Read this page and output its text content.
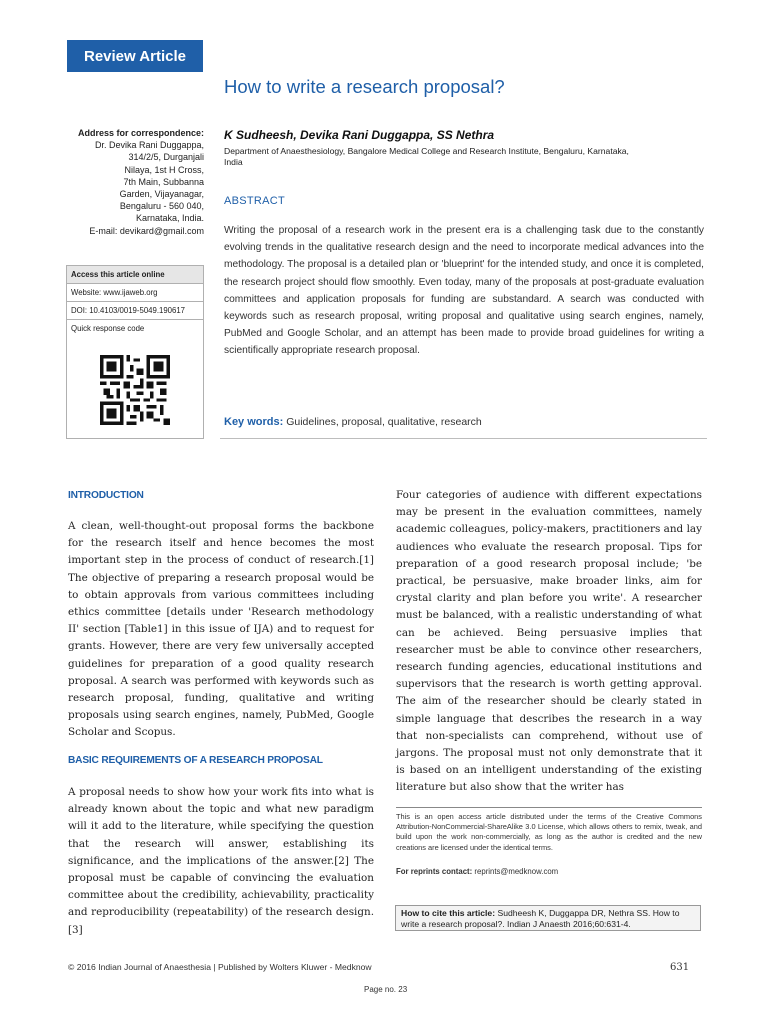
Review Article
How to write a research proposal?
Address for correspondence:
Dr. Devika Rani Duggappa,
314/2/5, Durganjali
Nilaya, 1st H Cross,
7th Main, Subbanna
Garden, Vijayanagar,
Bengaluru - 560 040,
Karnataka, India.
E-mail: devikard@gmail.com
Access this article online
Website: www.ijaweb.org
DOI: 10.4103/0019-5049.190617
Quick response code
K Sudheesh, Devika Rani Duggappa, SS Nethra
Department of Anaesthesiology, Bangalore Medical College and Research Institute, Bengaluru, Karnataka, India
ABSTRACT
Writing the proposal of a research work in the present era is a challenging task due to the constantly evolving trends in the qualitative research design and the need to incorporate medical advances into the methodology. The proposal is a detailed plan or 'blueprint' for the intended study, and once it is completed, the research project should flow smoothly. Even today, many of the proposals at post-graduate evaluation committees and application proposals for funding are substandard. A search was conducted with keywords such as research proposal, writing proposal and qualitative using search engines, namely, PubMed and Google Scholar, and an attempt has been made to provide broad guidelines for writing a scientifically appropriate research proposal.
Key words: Guidelines, proposal, qualitative, research
INTRODUCTION
A clean, well-thought-out proposal forms the backbone for the research itself and hence becomes the most important step in the process of conduct of research.[1] The objective of preparing a research proposal would be to obtain approvals from various committees including ethics committee [details under 'Research methodology II' section [Table1] in this issue of IJA) and to request for grants. However, there are very few universally accepted guidelines for preparation of a good quality research proposal. A search was performed with keywords such as research proposal, funding, qualitative and writing proposals using search engines, namely, PubMed, Google Scholar and Scopus.
BASIC REQUIREMENTS OF A RESEARCH PROPOSAL
A proposal needs to show how your work fits into what is already known about the topic and what new paradigm will it add to the literature, while specifying the question that the research will answer, establishing its significance, and the implications of the answer.[2] The proposal must be capable of convincing the evaluation committee about the credibility, achievability, practicality and reproducibility (repeatability) of the research design.[3]
Four categories of audience with different expectations may be present in the evaluation committees, namely academic colleagues, policy-makers, practitioners and lay audiences who evaluate the research proposal. Tips for preparation of a good research proposal include; 'be practical, be persuasive, make broader links, aim for crystal clarity and plan before you write'. A researcher must be balanced, with a realistic understanding of what can be achieved. Being persuasive implies that researcher must be able to convince other researchers, research funding agencies, educational institutions and supervisors that the research is worth getting approval. The aim of the researcher should be clearly stated in simple language that describes the research in a way that non-specialists can comprehend, without use of jargons. The proposal must not only demonstrate that it is based on an intelligent understanding of the existing literature but also show that the writer has
This is an open access article distributed under the terms of the Creative Commons Attribution-NonCommercial-ShareAlike 3.0 License, which allows others to remix, tweak, and build upon the work non-commercially, as long as the author is credited and the new creations are licensed under the identical terms.
For reprints contact: reprints@medknow.com
How to cite this article: Sudheesh K, Duggappa DR, Nethra SS. How to write a research proposal?. Indian J Anaesth 2016;60:631-4.
© 2016 Indian Journal of Anaesthesia | Published by Wolters Kluwer - Medknow	631
Page no. 23
